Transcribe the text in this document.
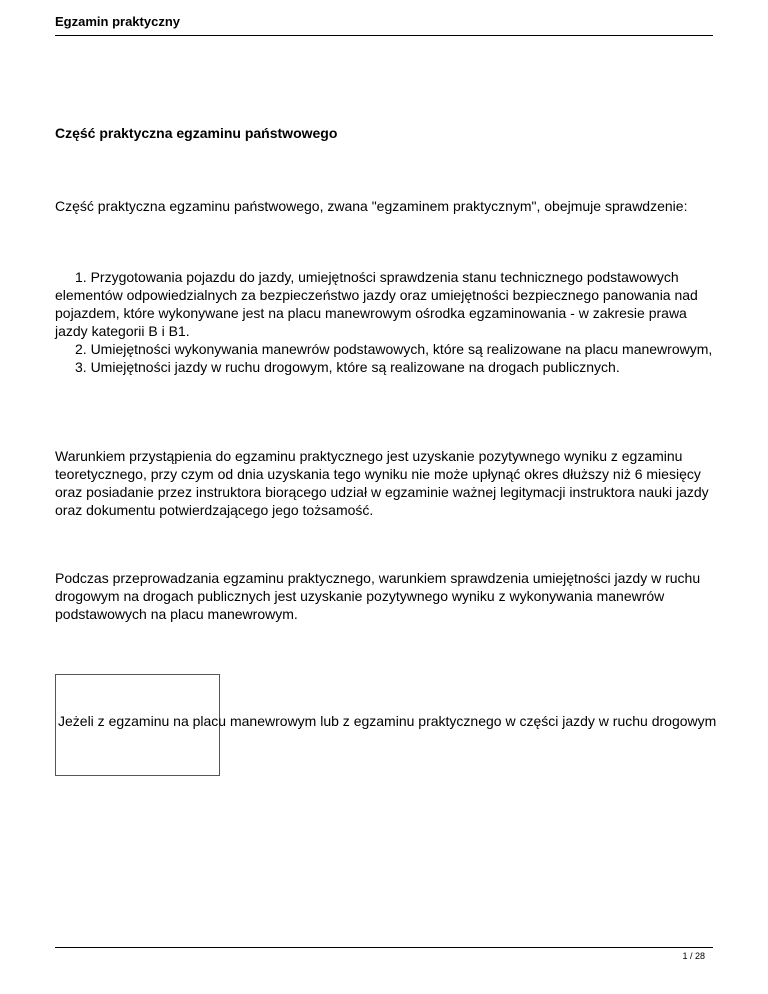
Egzamin praktyczny
Część praktyczna egzaminu państwowego

Część praktyczna egzaminu państwowego, zwana "egzaminem praktycznym", obejmuje sprawdzenie:

1. Przygotowania pojazdu do jazdy, umiejętności sprawdzenia stanu technicznego podstawowych elementów odpowiedzialnych za bezpieczeństwo jazdy oraz umiejętności bezpiecznego panowania nad pojazdem, które wykonywane jest na placu manewrowym ośrodka egzaminowania - w zakresie prawa jazdy kategorii B i B1.
2. Umiejętności wykonywania manewrów podstawowych, które są realizowane na placu manewrowym,
3. Umiejętności jazdy w ruchu drogowym, które są realizowane na drogach publicznych.

Warunkiem przystąpienia do egzaminu praktycznego jest uzyskanie pozytywnego wyniku z egzaminu teoretycznego, przy czym od dnia uzyskania tego wyniku nie może upłynąć okres dłuższy niż 6 miesięcy oraz posiadanie przez instruktora biorącego udział w egzaminie ważnej legitymacji instruktora nauki jazdy oraz dokumentu potwierdzającego jego tożsamość.

Podczas przeprowadzania egzaminu praktycznego, warunkiem sprawdzenia umiejętności jazdy w ruchu drogowym na drogach publicznych jest uzyskanie pozytywnego wyniku z wykonywania manewrów podstawowych na placu manewrowym.

Jeżeli z egzaminu na placu manewrowym lub z egzaminu praktycznego w części jazdy w ruchu drogowym
1 / 28
